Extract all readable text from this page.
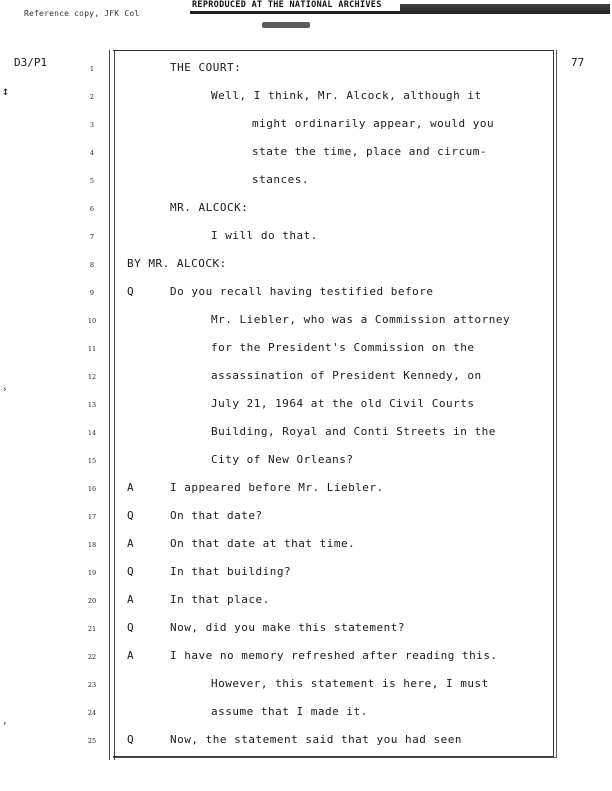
Reference copy, JFK Col
REPRODUCED AT THE NATIONAL ARCHIVES
D3/P1	77
↕
›
’
1	THE COURT:
2	Well, I think, Mr. Alcock, although it
3	might ordinarily appear, would you
4	state the time, place and circum-
5	stances.
6	MR. ALCOCK:
7	I will do that.
8	BY MR. ALCOCK:
9	Q	Do you recall having testified before
10	Mr. Liebler, who was a Commission attorney
11	for the President's Commission on the
12	assassination of President Kennedy, on
13	July 21, 1964 at the old Civil Courts
14	Building, Royal and Conti Streets in the
15	City of New Orleans?
16	A	I appeared before Mr. Liebler.
17	Q	On that date?
18	A	On that date at that time.
19	Q	In that building?
20	A	In that place.
21	Q	Now, did you make this statement?
22	A	I have no memory refreshed after reading this.
23	However, this statement is here, I must
24	assume that I made it.
25	Q	Now, the statement said that you had seen
